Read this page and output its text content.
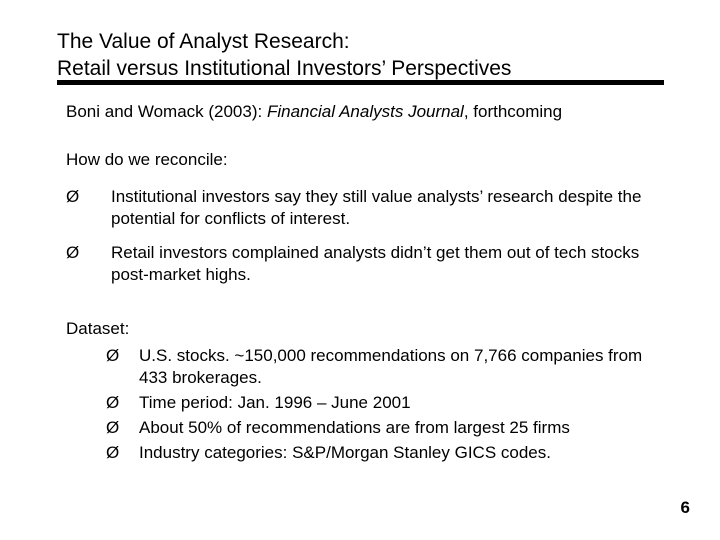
The Value of Analyst Research:
Retail versus Institutional Investors’ Perspectives
Boni and Womack (2003): Financial Analysts Journal, forthcoming
How do we reconcile:
Ø Institutional investors say they still value analysts’ research despite the potential for conflicts of interest.
Ø Retail investors complained analysts didn’t get them out of tech stocks post-market highs.
Dataset:
Ø U.S. stocks. ~150,000 recommendations on 7,766 companies from 433 brokerages.
Ø Time period: Jan. 1996 – June 2001
Ø About 50% of recommendations are from largest 25 firms
Ø Industry categories: S&P/Morgan Stanley GICS codes.
6
